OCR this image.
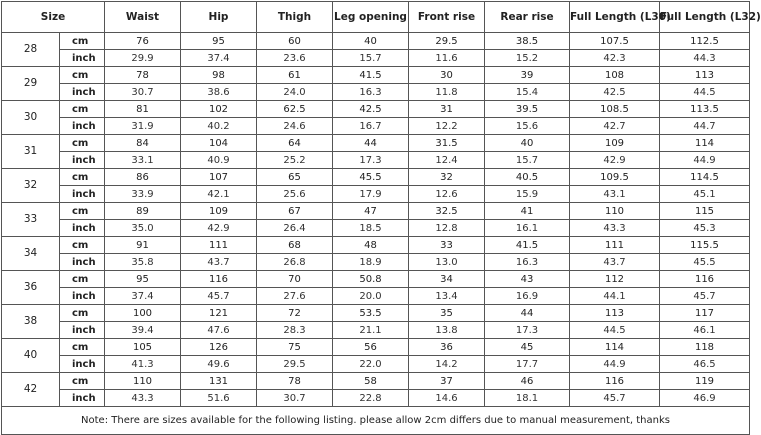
Size		Waist	Hip	Thigh	Leg opening	Front rise	Rear rise	Full Length (L30)	Full Length (L32)
28	cm	76	95	60	40	29.5	38.5	107.5	112.5
	inch	29.9	37.4	23.6	15.7	11.6	15.2	42.3	44.3
29	cm	78	98	61	41.5	30	39	108	113
	inch	30.7	38.6	24.0	16.3	11.8	15.4	42.5	44.5
30	cm	81	102	62.5	42.5	31	39.5	108.5	113.5
	inch	31.9	40.2	24.6	16.7	12.2	15.6	42.7	44.7
31	cm	84	104	64	44	31.5	40	109	114
	inch	33.1	40.9	25.2	17.3	12.4	15.7	42.9	44.9
32	cm	86	107	65	45.5	32	40.5	109.5	114.5
	inch	33.9	42.1	25.6	17.9	12.6	15.9	43.1	45.1
33	cm	89	109	67	47	32.5	41	110	115
	inch	35.0	42.9	26.4	18.5	12.8	16.1	43.3	45.3
34	cm	91	111	68	48	33	41.5	111	115.5
	inch	35.8	43.7	26.8	18.9	13.0	16.3	43.7	45.5
36	cm	95	116	70	50.8	34	43	112	116
	inch	37.4	45.7	27.6	20.0	13.4	16.9	44.1	45.7
38	cm	100	121	72	53.5	35	44	113	117
	inch	39.4	47.6	28.3	21.1	13.8	17.3	44.5	46.1
40	cm	105	126	75	56	36	45	114	118
	inch	41.3	49.6	29.5	22.0	14.2	17.7	44.9	46.5
42	cm	110	131	78	58	37	46	116	119
	inch	43.3	51.6	30.7	22.8	14.6	18.1	45.7	46.9
Note: There are sizes available for the following listing. please allow 2cm differs due to manual measurement, thanks									
